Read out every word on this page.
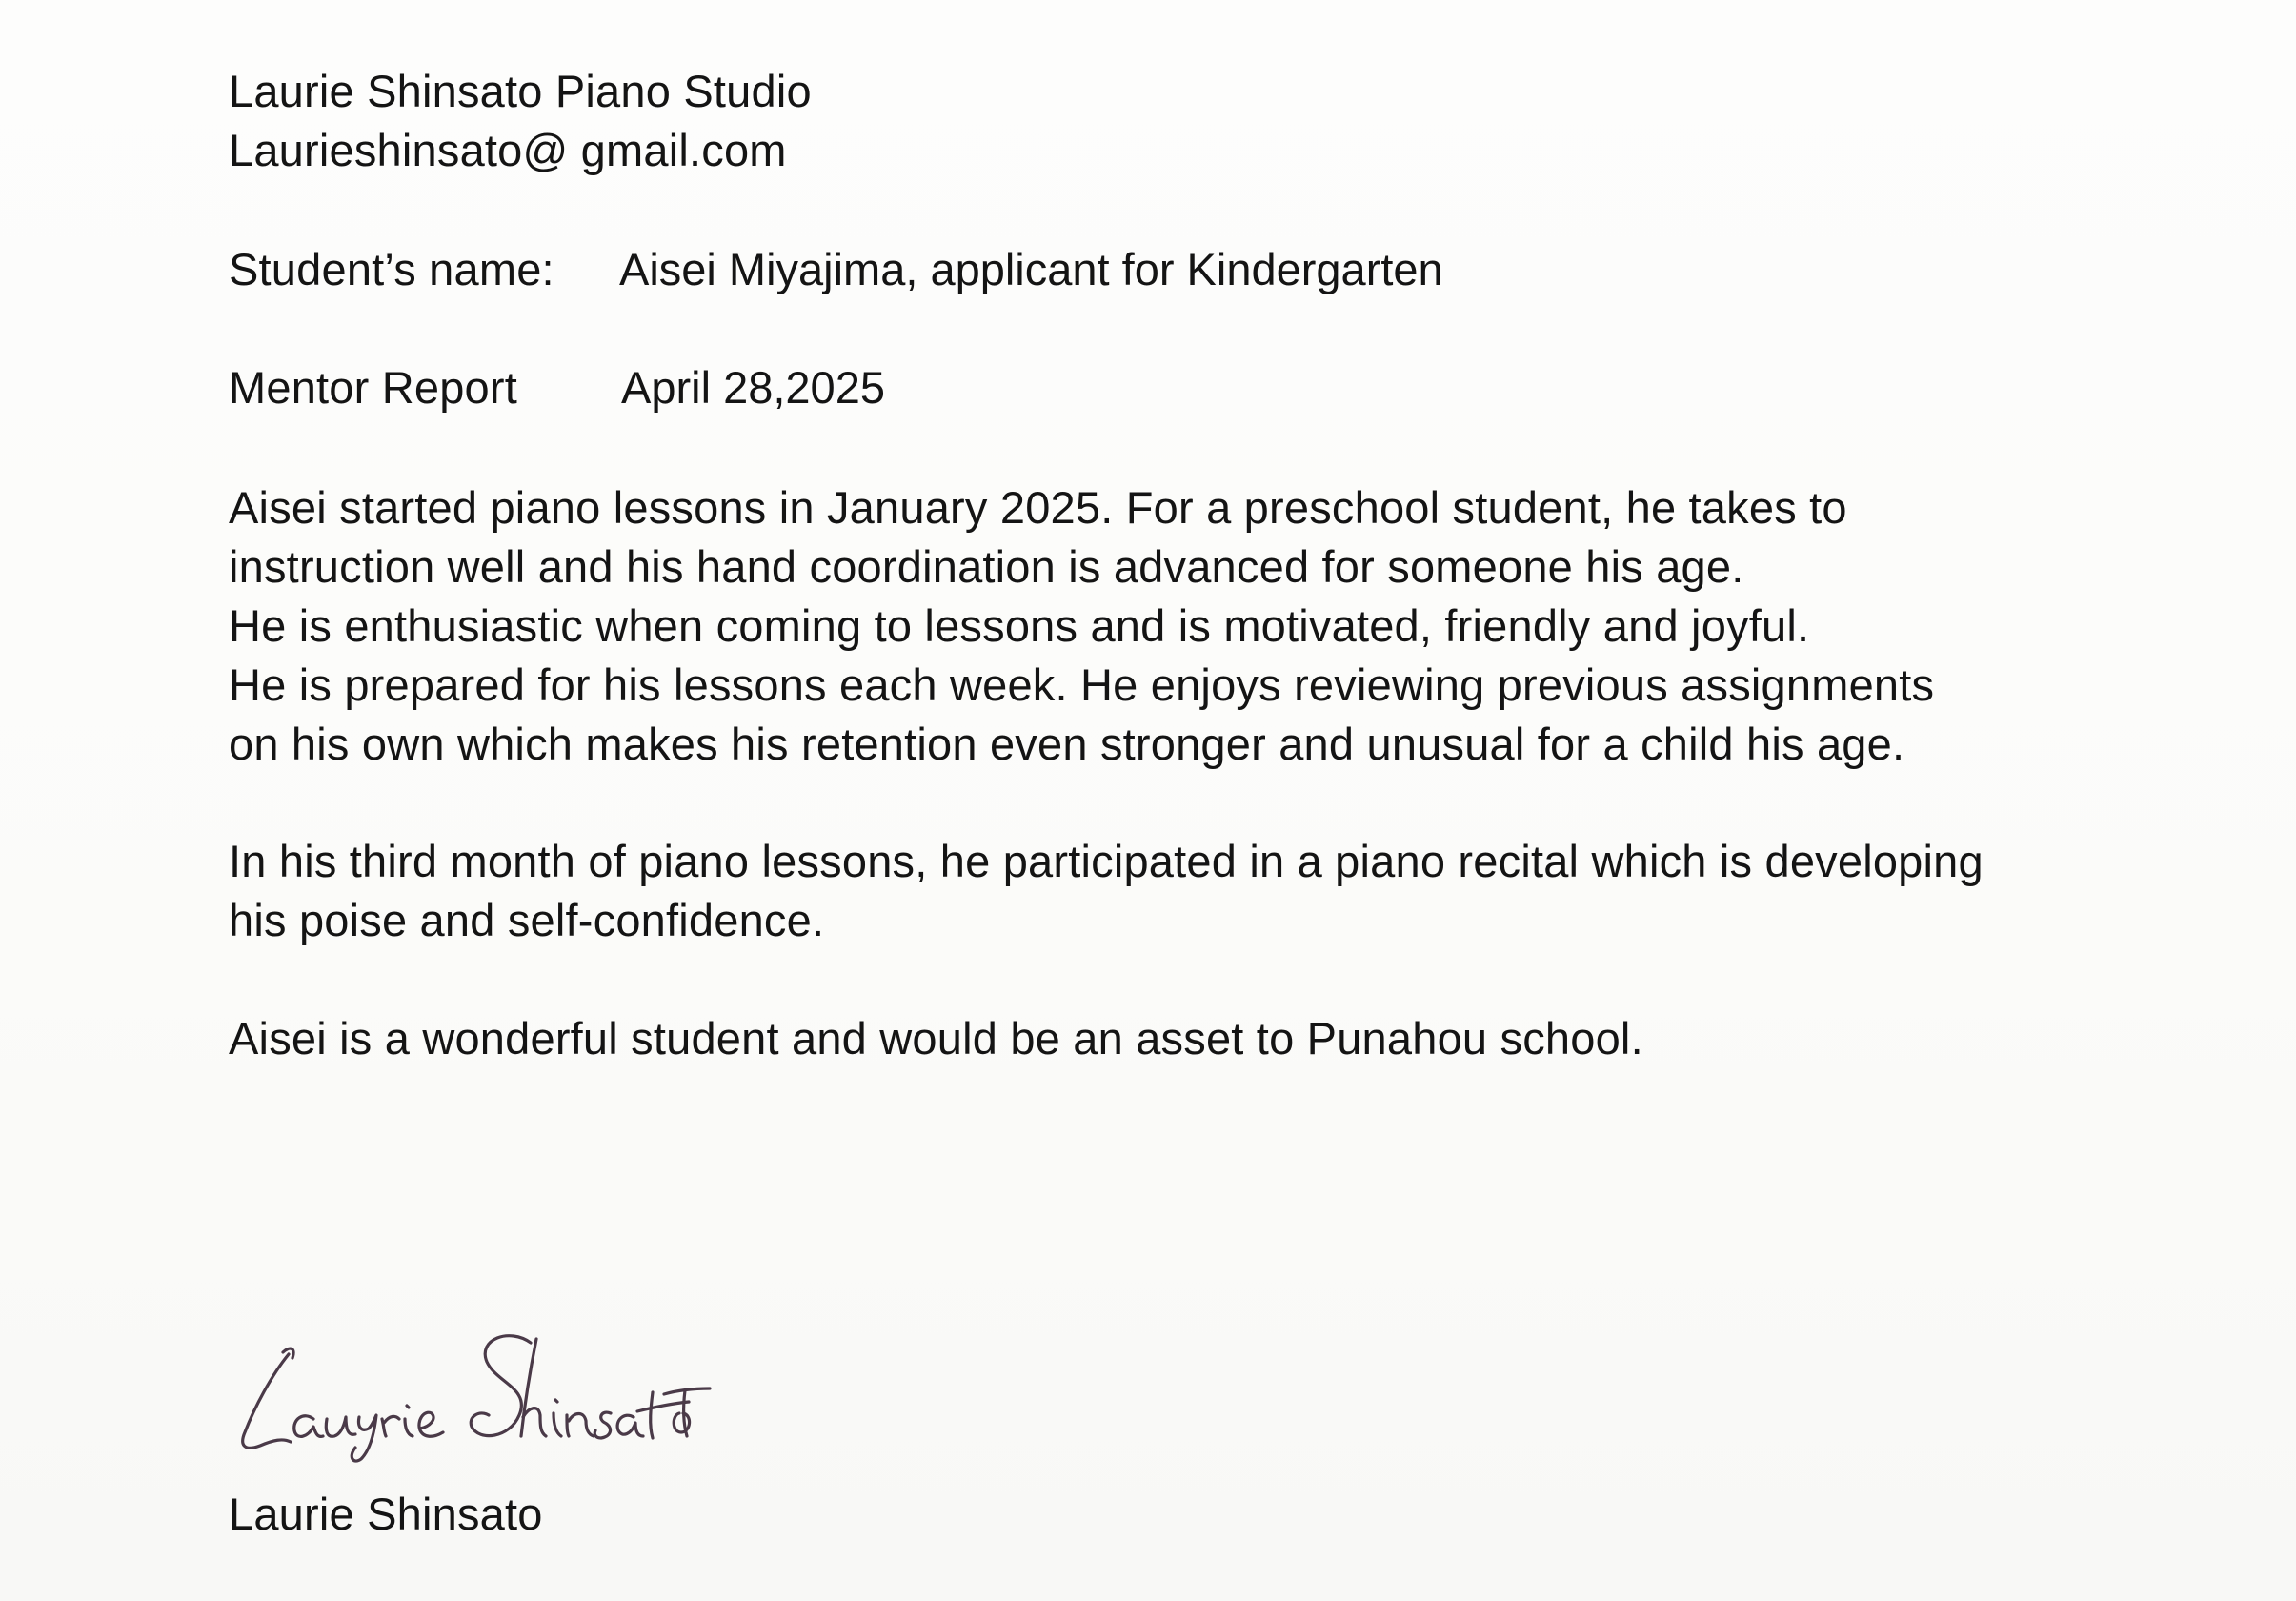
Laurie Shinsato Piano Studio
Laurieshinsato@ gmail.com
Student’s name: Aisei Miyajima, applicant for Kindergarten
Mentor Report April 28,2025
Aisei started piano lessons in January 2025. For a preschool student, he takes to
instruction well and his hand coordination is advanced for someone his age.
He is enthusiastic when coming to lessons and is motivated, friendly and joyful.
He is prepared for his lessons each week. He enjoys reviewing previous assignments
on his own which makes his retention even stronger and unusual for a child his age.
In his third month of piano lessons, he participated in a piano recital which is developing
his poise and self-confidence.
Aisei is a wonderful student and would be an asset to Punahou school.
Laurie Shinsato
